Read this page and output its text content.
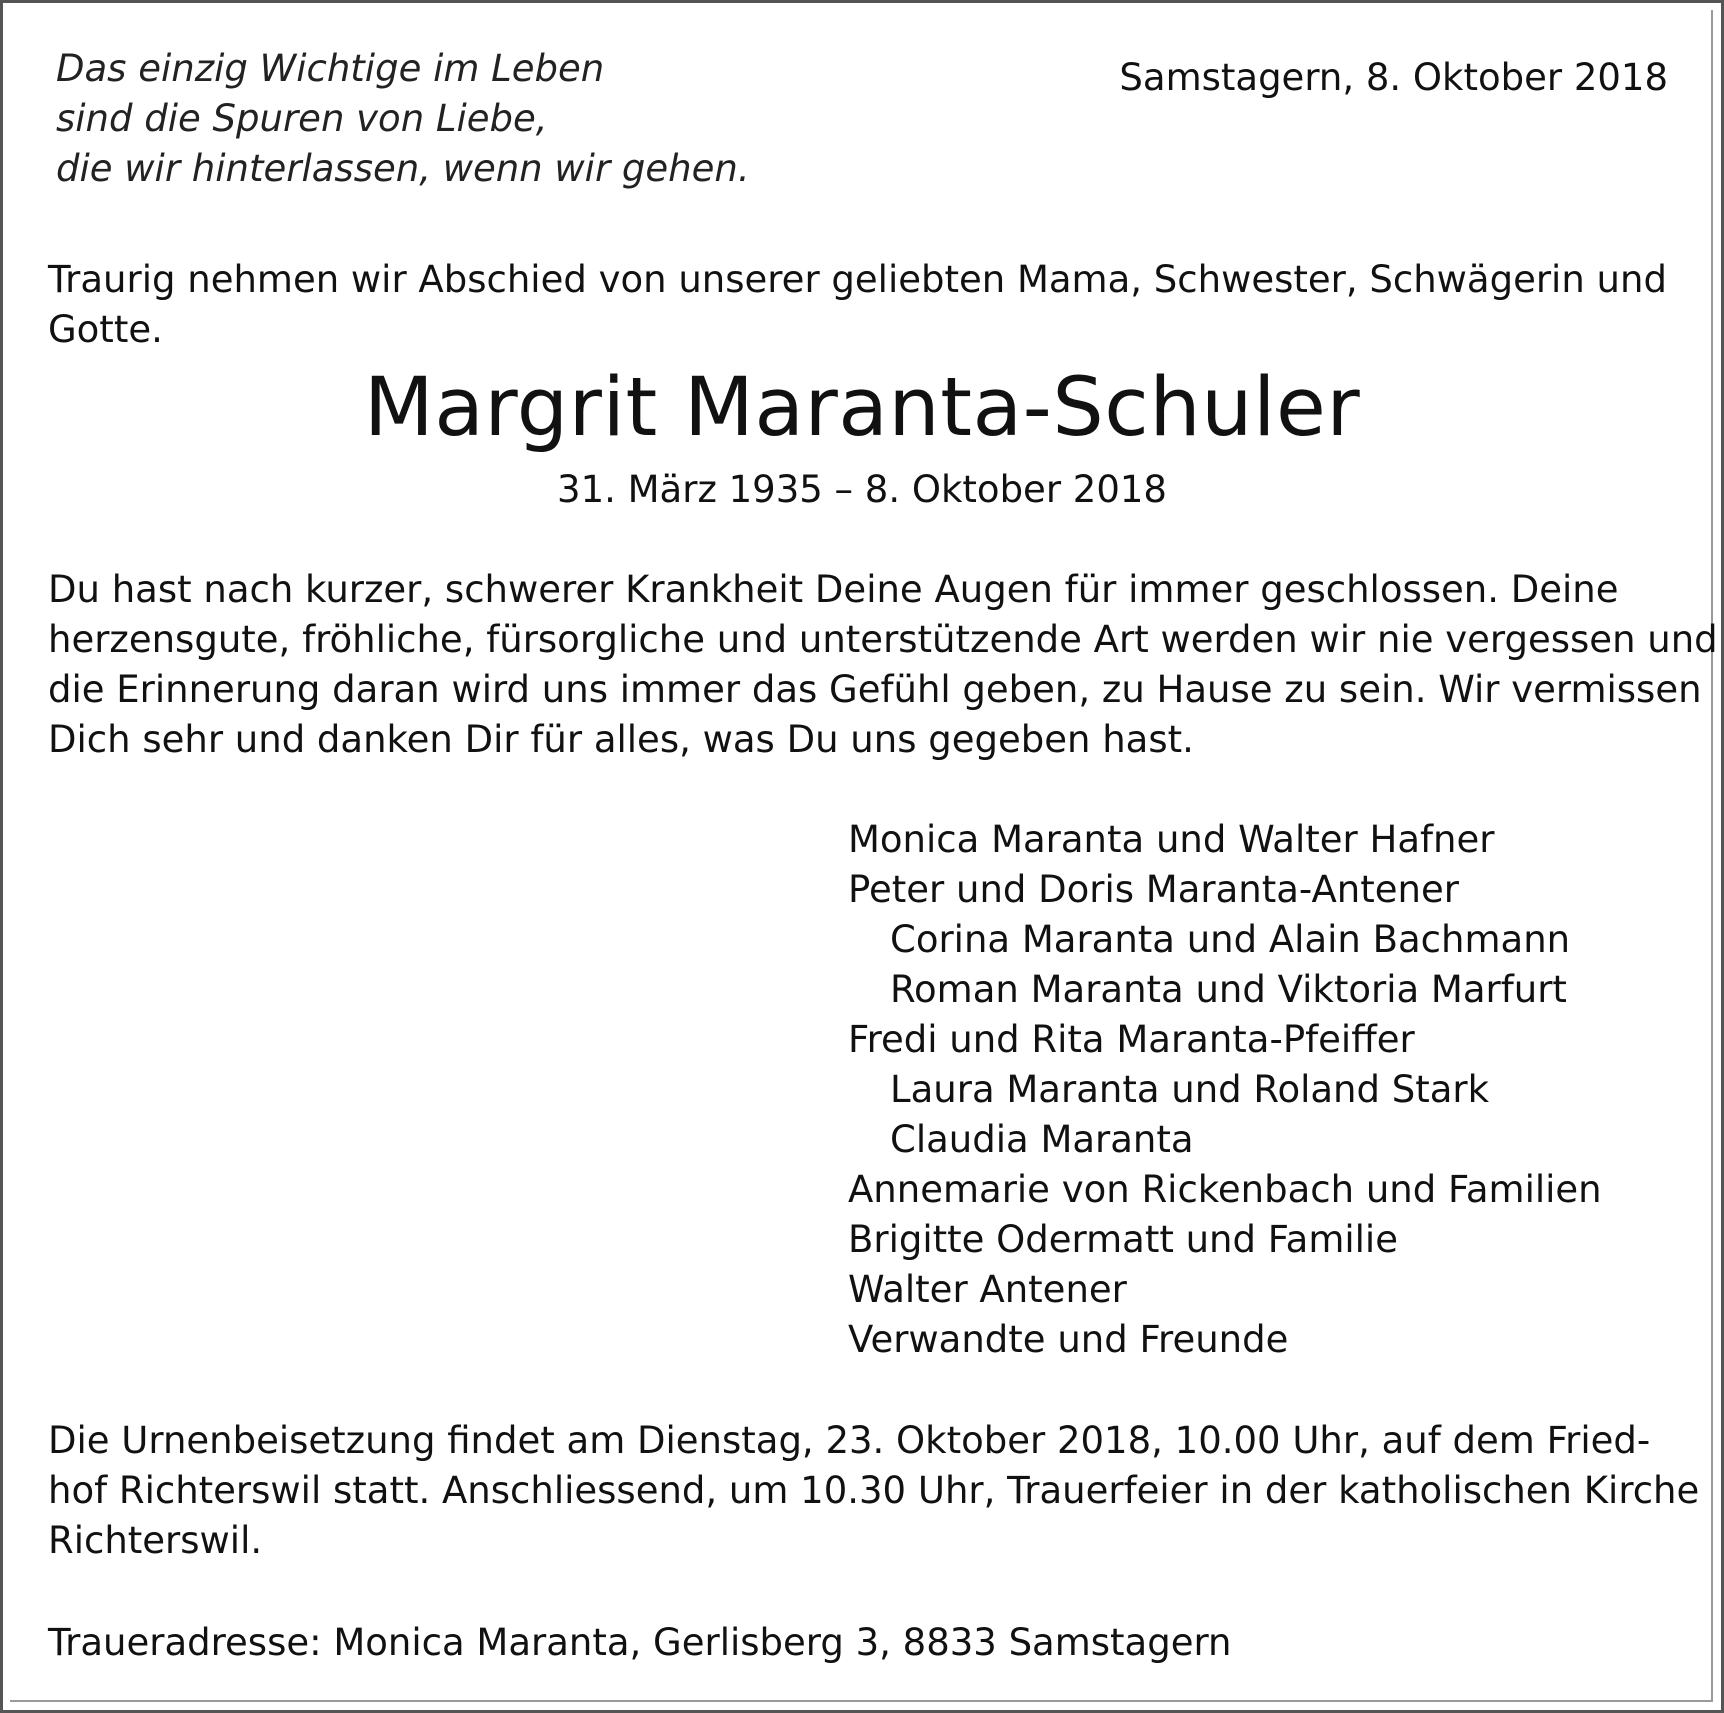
Das einzig Wichtige im Leben
sind die Spuren von Liebe,
die wir hinterlassen, wenn wir gehen.
Samstagern, 8. Oktober 2018
Traurig nehmen wir Abschied von unserer geliebten Mama, Schwester, Schwägerin und
Gotte.
Margrit Maranta-Schuler
31. März 1935 – 8. Oktober 2018
Du hast nach kurzer, schwerer Krankheit Deine Augen für immer geschlossen. Deine
herzensgute, fröhliche, fürsorgliche und unterstützende Art werden wir nie vergessen und
die Erinnerung daran wird uns immer das Gefühl geben, zu Hause zu sein. Wir vermissen
Dich sehr und danken Dir für alles, was Du uns gegeben hast.
Monica Maranta und Walter Hafner
Peter und Doris Maranta-Antener
Corina Maranta und Alain Bachmann
Roman Maranta und Viktoria Marfurt
Fredi und Rita Maranta-Pfeiffer
Laura Maranta und Roland Stark
Claudia Maranta
Annemarie von Rickenbach und Familien
Brigitte Odermatt und Familie
Walter Antener
Verwandte und Freunde
Die Urnenbeisetzung findet am Dienstag, 23. Oktober 2018, 10.00 Uhr, auf dem Fried-
hof Richterswil statt. Anschliessend, um 10.30 Uhr, Trauerfeier in der katholischen Kirche
Richterswil.
Traueradresse: Monica Maranta, Gerlisberg 3, 8833 Samstagern
